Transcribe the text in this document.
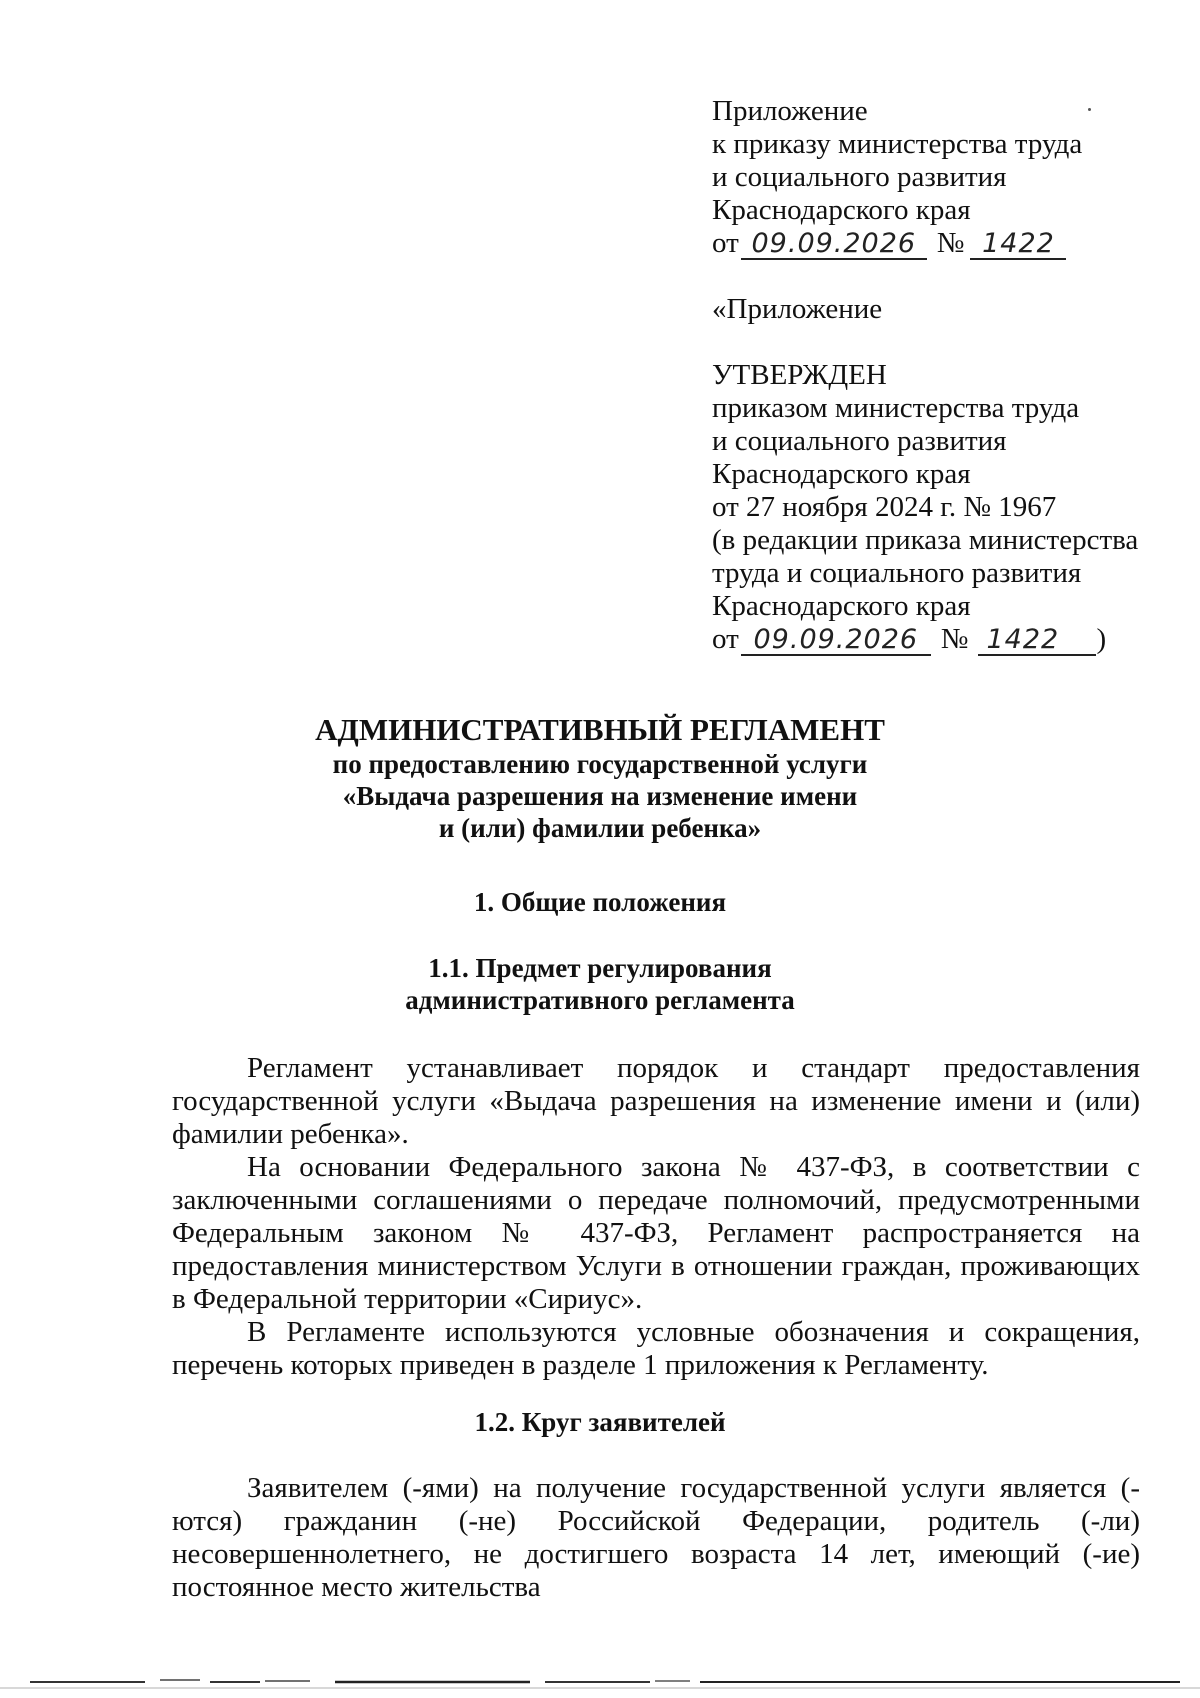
Приложение
к приказу министерства труда
и социального развития
Краснодарского края
от 09.09.2026 № 1422
«Приложение
УТВЕРЖДЕН
приказом министерства труда
и социального развития
Краснодарского края
от 27 ноября 2024 г. № 1967
(в редакции приказа министерства
труда и социального развития
Краснодарского края
от 09.09.2026 № 1422 )
АДМИНИСТРАТИВНЫЙ РЕГЛАМЕНТ
по предоставлению государственной услуги
«Выдача разрешения на изменение имени
и (или) фамилии ребенка»
1. Общие положения
1.1. Предмет регулирования
административного регламента

Регламент устанавливает порядок и стандарт предоставления государственной услуги «Выдача разрешения на изменение имени и (или) фамилии ребенка».

На основании Федерального закона № 437-ФЗ, в соответствии с заключенными соглашениями о передаче полномочий, предусмотренными Федеральным законом № 437-ФЗ, Регламент распространяется на предоставления министерством Услуги в отношении граждан, проживающих в Федеральной территории «Сириус».

В Регламенте используются условные обозначения и сокращения, перечень которых приведен в разделе 1 приложения к Регламенту.

1.2. Круг заявителей

Заявителем (-ями) на получение государственной услуги является (-ются) гражданин (-не) Российской Федерации, родитель (-ли) несовершеннолетнего, не достигшего возраста 14 лет, имеющий (-ие) постоянное место жительства
